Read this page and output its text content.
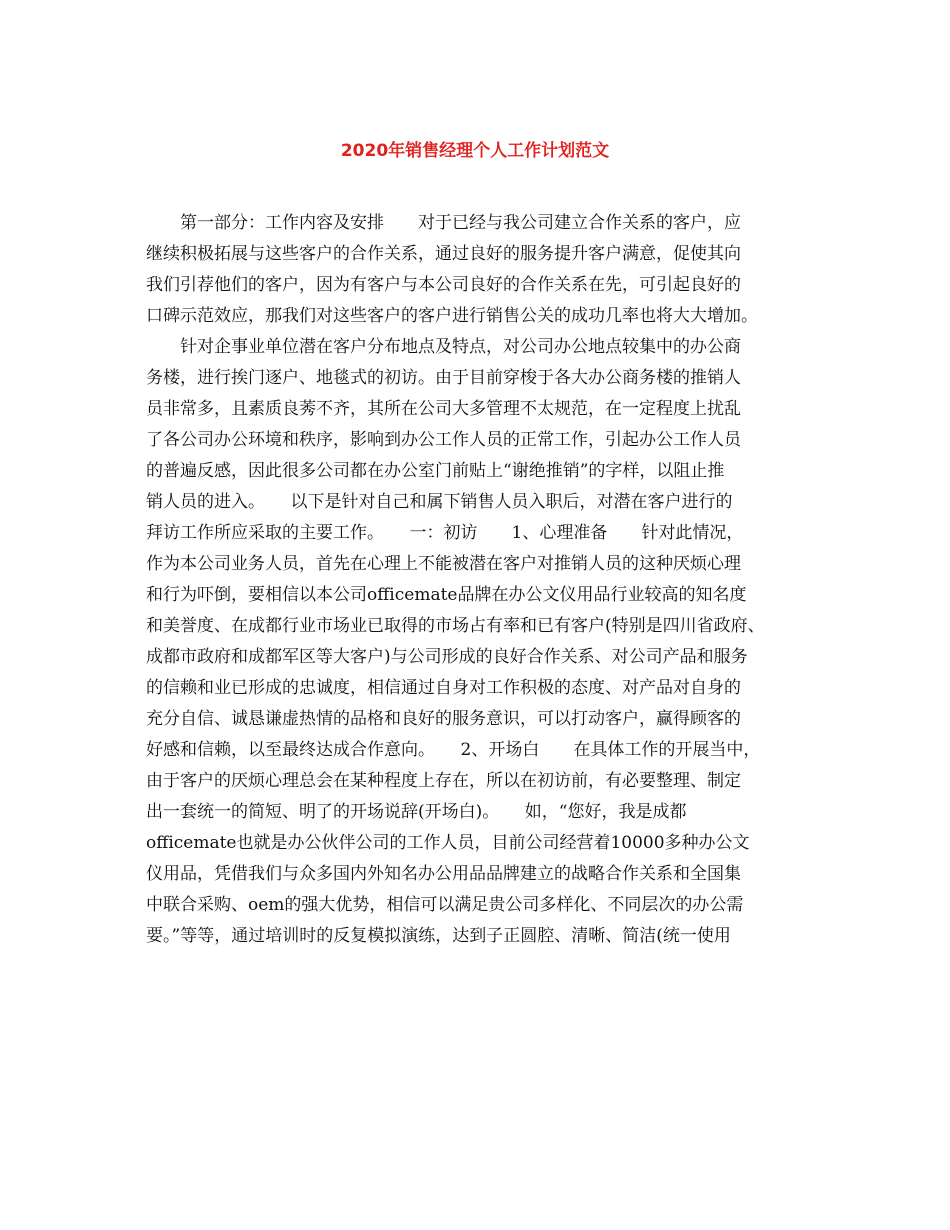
2020年销售经理个人工作计划范文
　　第一部分：工作内容及安排　　对于已经与我公司建立合作关系的客户，应
继续积极拓展与这些客户的合作关系，通过良好的服务提升客户满意，促使其向
我们引荐他们的客户，因为有客户与本公司良好的合作关系在先，可引起良好的
口碑示范效应，那我们对这些客户的客户进行销售公关的成功几率也将大大增加。
　　针对企事业单位潜在客户分布地点及特点，对公司办公地点较集中的办公商
务楼，进行挨门逐户、地毯式的初访。由于目前穿梭于各大办公商务楼的推销人
员非常多，且素质良莠不齐，其所在公司大多管理不太规范，在一定程度上扰乱
了各公司办公环境和秩序，影响到办公工作人员的正常工作，引起办公工作人员
的普遍反感，因此很多公司都在办公室门前贴上“谢绝推销”的字样，以阻止推
销人员的进入。　　以下是针对自己和属下销售人员入职后，对潜在客户进行的
拜访工作所应采取的主要工作。　　一：初访　　1、心理准备　　针对此情况，
作为本公司业务人员，首先在心理上不能被潜在客户对推销人员的这种厌烦心理
和行为吓倒，要相信以本公司officemate品牌在办公文仪用品行业较高的知名度
和美誉度、在成都行业市场业已取得的市场占有率和已有客户(特别是四川省政府、
成都市政府和成都军区等大客户)与公司形成的良好合作关系、对公司产品和服务
的信赖和业已形成的忠诚度，相信通过自身对工作积极的态度、对产品对自身的
充分自信、诚恳谦虚热情的品格和良好的服务意识，可以打动客户，赢得顾客的
好感和信赖，以至最终达成合作意向。　　2、开场白　　在具体工作的开展当中，
由于客户的厌烦心理总会在某种程度上存在，所以在初访前，有必要整理、制定
出一套统一的简短、明了的开场说辞(开场白)。　　如，“您好，我是成都
officemate也就是办公伙伴公司的工作人员，目前公司经营着10000多种办公文
仪用品，凭借我们与众多国内外知名办公用品品牌建立的战略合作关系和全国集
中联合采购、oem的强大优势，相信可以满足贵公司多样化、不同层次的办公需
要。”等等，通过培训时的反复模拟演练，达到子正圆腔、清晰、简洁(统一使用
